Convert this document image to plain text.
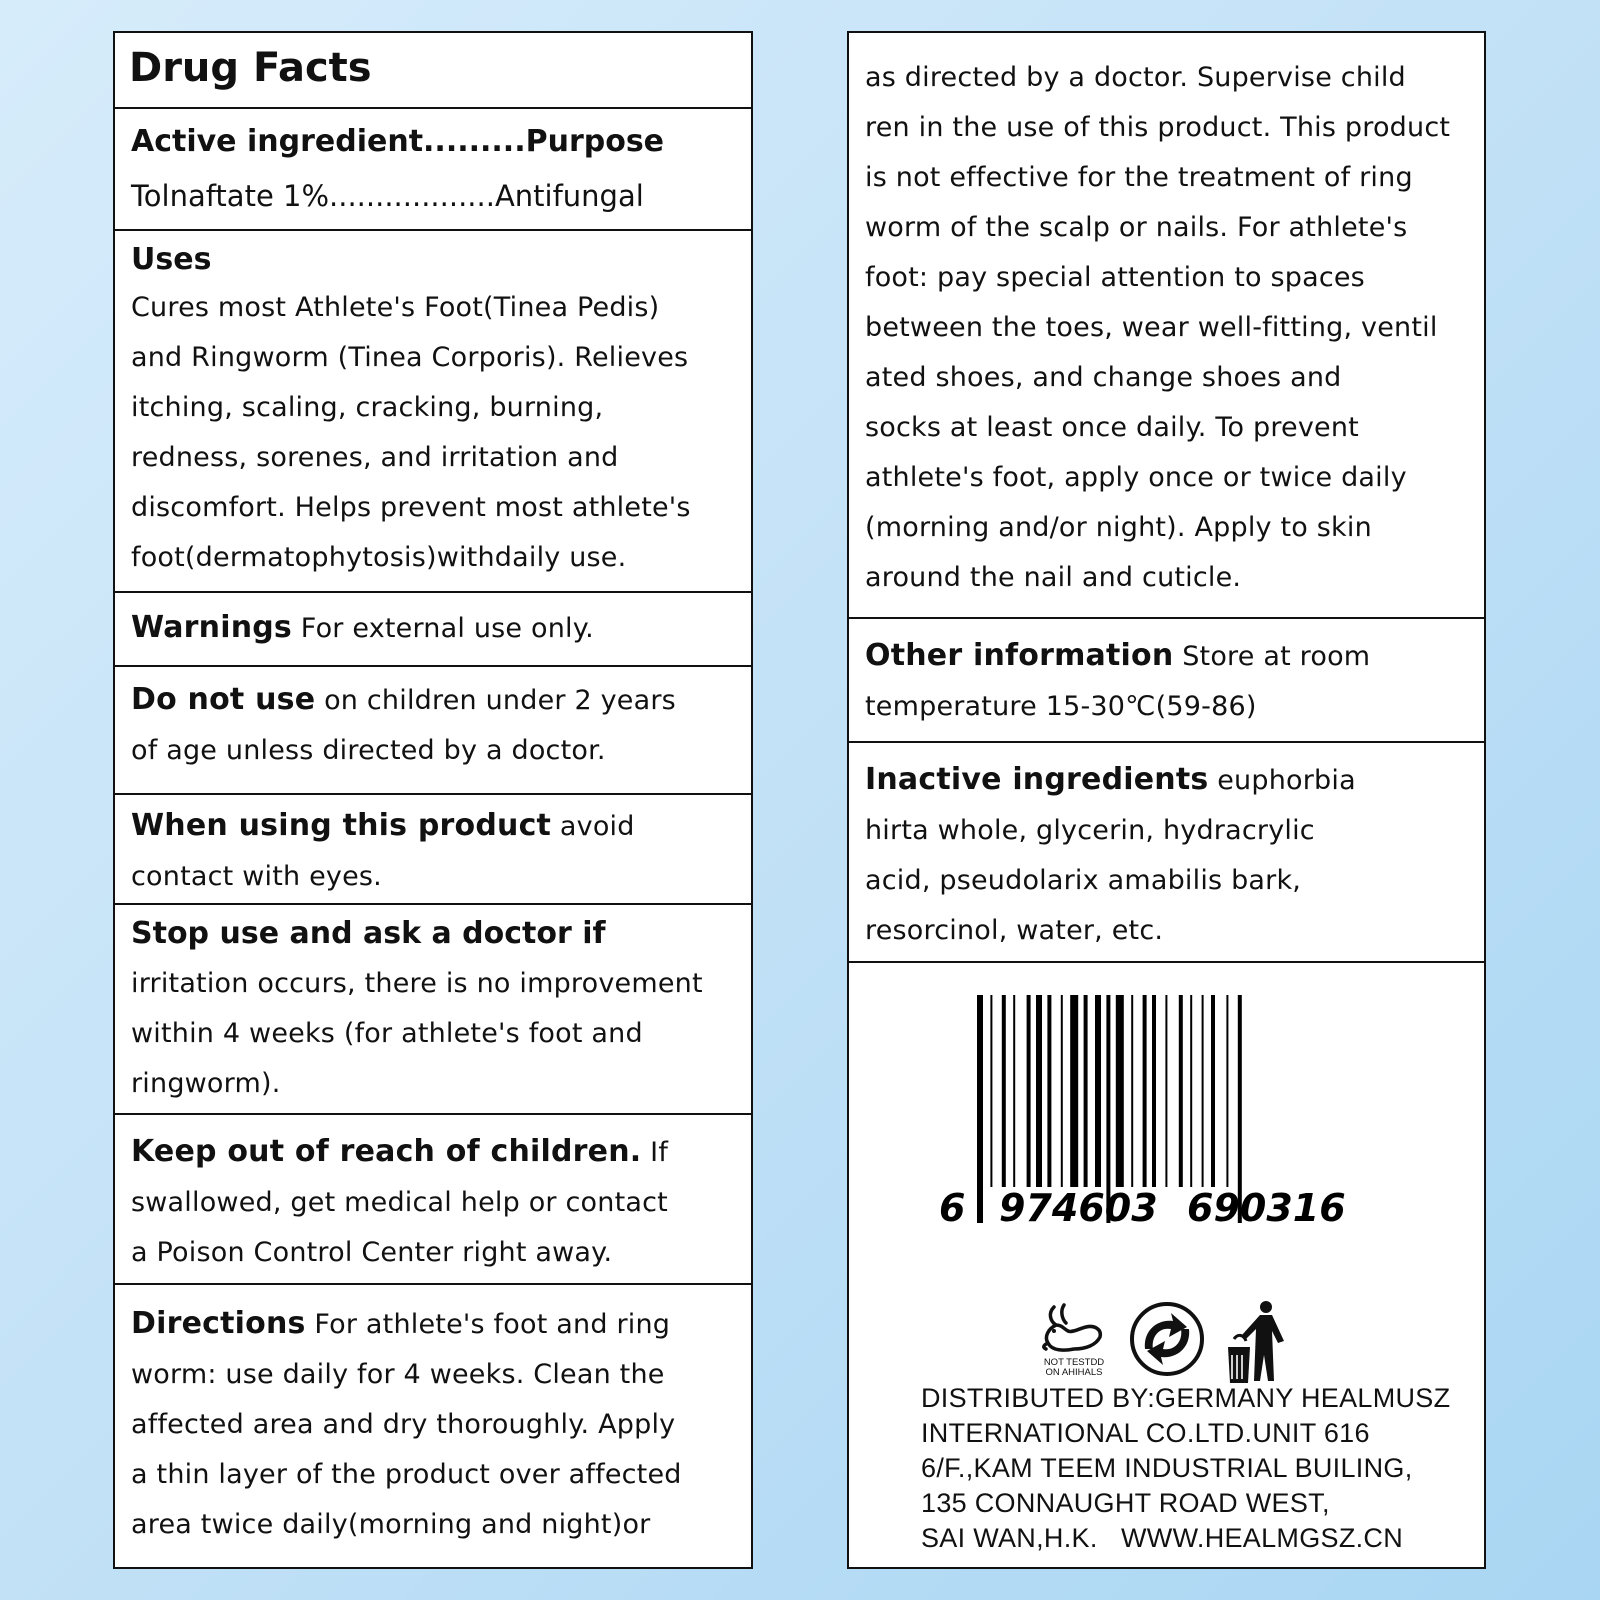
Drug Facts
Active ingredient.........Purpose
Tolnaftate 1%..................Antifungal
Uses
Cures most Athlete's Foot(Tinea Pedis)
and Ringworm (Tinea Corporis). Relieves
itching, scaling, cracking, burning,
redness, sorenes, and irritation and
discomfort. Helps prevent most athlete's
foot(dermatophytosis)withdaily use.
Warnings For external use only.
Do not use on children under 2 years
of age unless directed by a doctor.
When using this product avoid
contact with eyes.
Stop use and ask a doctor if
irritation occurs, there is no improvement
within 4 weeks (for athlete's foot and
ringworm).
Keep out of reach of children. If
swallowed, get medical help or contact
a Poison Control Center right away.
Directions For athlete's foot and ring
worm: use daily for 4 weeks. Clean the
affected area and dry thoroughly. Apply
a thin layer of the product over affected
area twice daily(morning and night)or
as directed by a doctor. Supervise child
ren in the use of this product. This product
is not effective for the treatment of ring
worm of the scalp or nails. For athlete's
foot: pay special attention to spaces
between the toes, wear well-fitting, ventil
ated shoes, and change shoes and
socks at least once daily. To prevent
athlete's foot, apply once or twice daily
(morning and/or night). Apply to skin
around the nail and cuticle.
Other information Store at room
temperature 15-30℃(59-86)
Inactive ingredients euphorbia
hirta whole, glycerin, hydracrylic
acid, pseudolarix amabilis bark,
resorcinol, water, etc.
6 974603 690316
NOT TESTDD
ON AHIHALS
DISTRIBUTED BY:GERMANY HEALMUSZ
INTERNATIONAL CO.LTD.UNIT 616
6/F.,KAM TEEM INDUSTRIAL BUILING,
135 CONNAUGHT ROAD WEST,
SAI WAN,H.K.   WWW.HEALMGSZ.CN
